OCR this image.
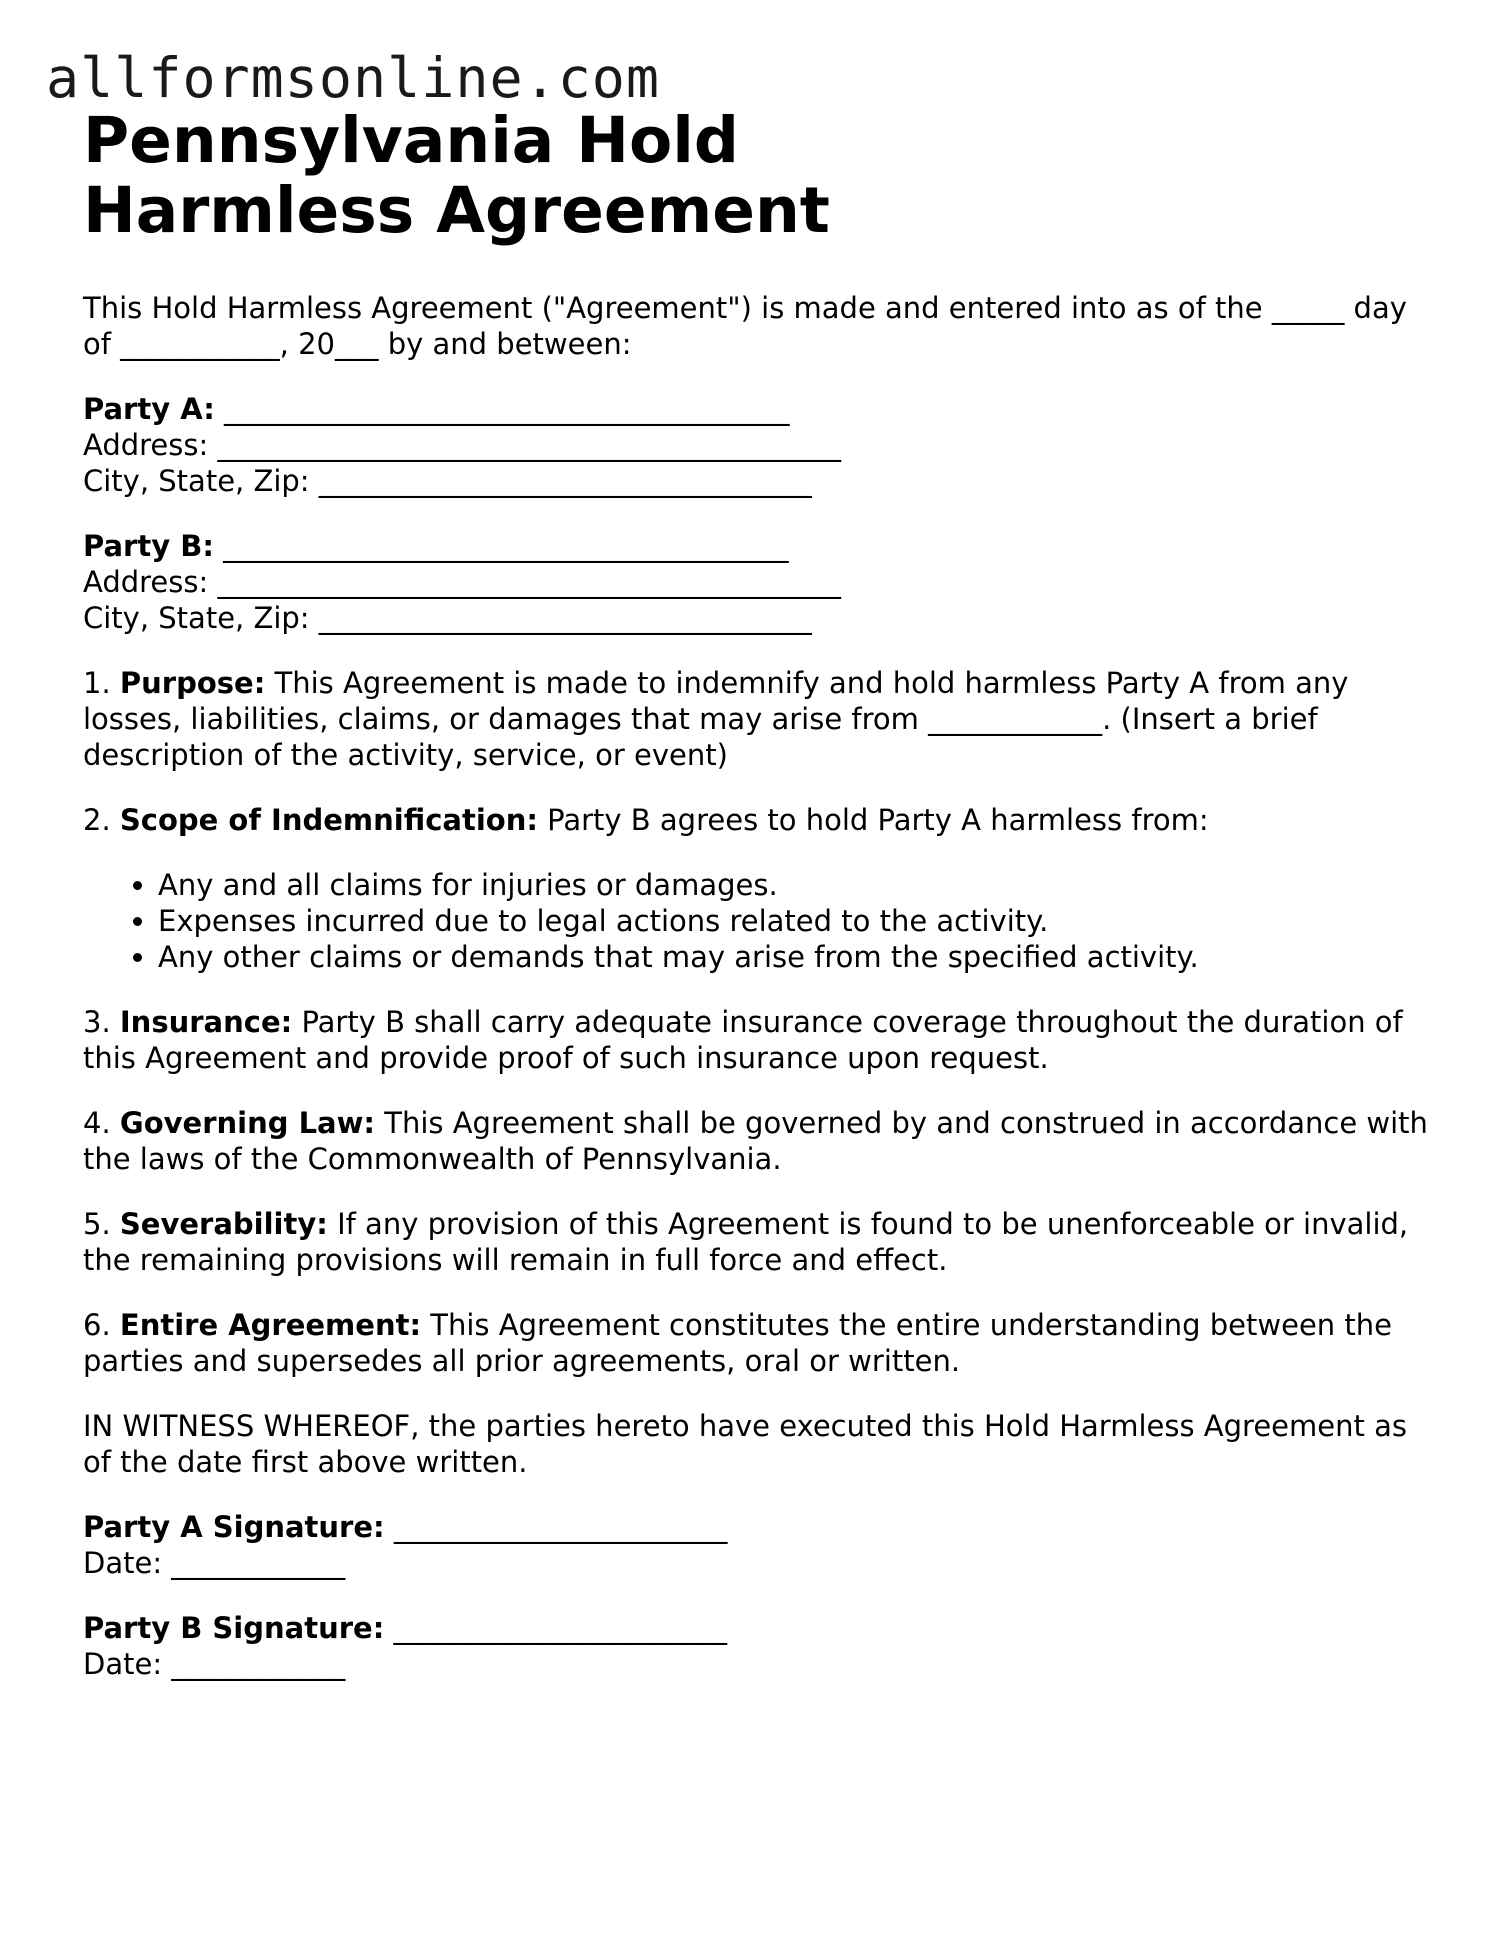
allformsonline.com
Pennsylvania Hold Harmless Agreement

This Hold Harmless Agreement ("Agreement") is made and entered into as of the _____ day of ___________, 20___ by and between:

Party A: _______________________________________
Address: ___________________________________________
City, State, Zip: __________________________________
Party B: _______________________________________
Address: ___________________________________________
City, State, Zip: __________________________________

1. Purpose: This Agreement is made to indemnify and hold harmless Party A from any losses, liabilities, claims, or damages that may arise from ____________. (Insert a brief description of the activity, service, or event)

2. Scope of Indemnification: Party B agrees to hold Party A harmless from:

• Any and all claims for injuries or damages.
• Expenses incurred due to legal actions related to the activity.
• Any other claims or demands that may arise from the specified activity.

3. Insurance: Party B shall carry adequate insurance coverage throughout the duration of this Agreement and provide proof of such insurance upon request.

4. Governing Law: This Agreement shall be governed by and construed in accordance with the laws of the Commonwealth of Pennsylvania.

5. Severability: If any provision of this Agreement is found to be unenforceable or invalid, the remaining provisions will remain in full force and effect.

6. Entire Agreement: This Agreement constitutes the entire understanding between the parties and supersedes all prior agreements, oral or written.

IN WITNESS WHEREOF, the parties hereto have executed this Hold Harmless Agreement as of the date first above written.

Party A Signature: _______________________
Date: ____________
Party B Signature: _______________________
Date: ____________
